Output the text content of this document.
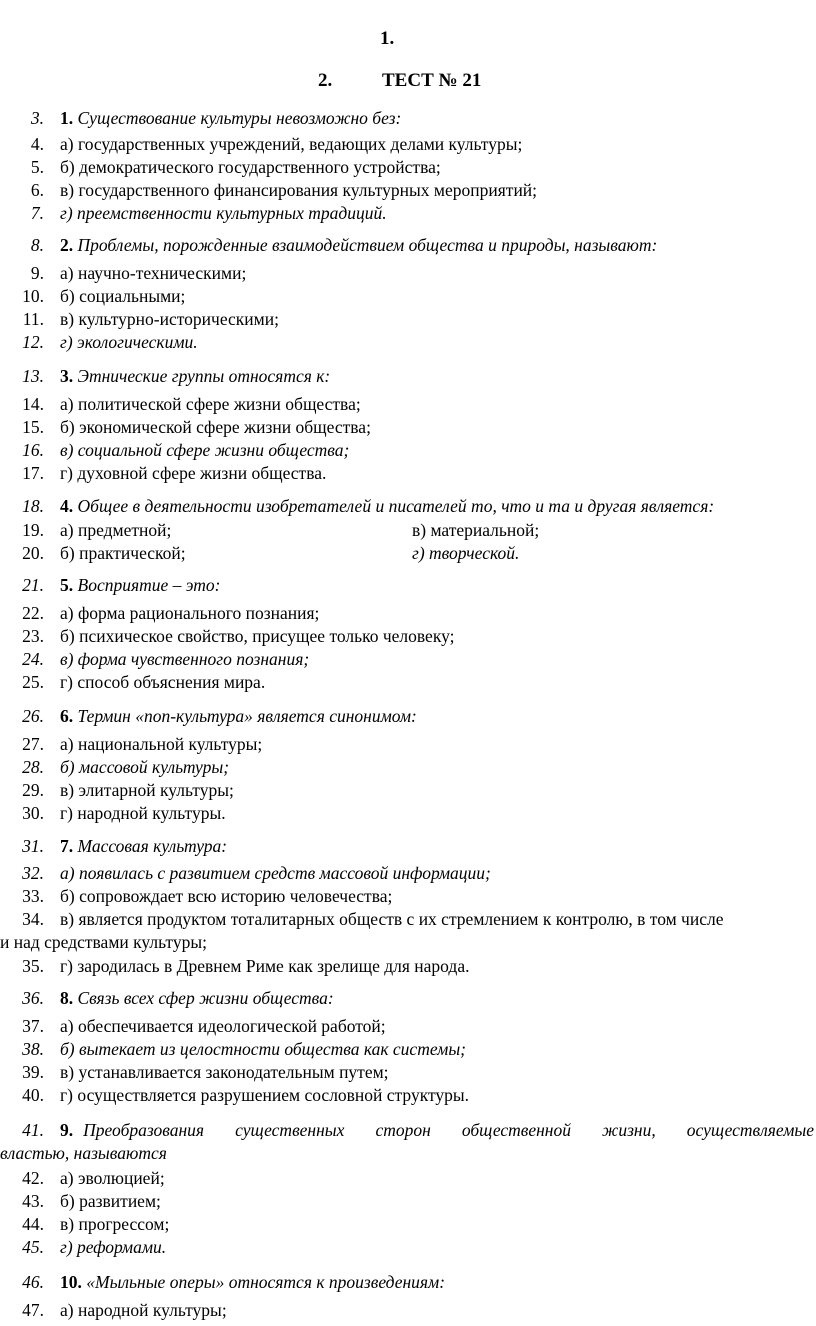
1.
2.	ТЕСТ № 21
3. 1. Существование культуры невозможно без:
4. а) государственных учреждений, ведающих делами культуры;
5. б) демократического государственного устройства;
6. в) государственного финансирования культурных мероприятий;
7. г) преемственности культурных традиций.
8. 2. Проблемы, порожденные взаимодействием общества и природы, называют:
9. а) научно-техническими;
10. б) социальными;
11. в) культурно-историческими;
12. г) экологическими.
13. 3. Этнические группы относятся к:
14. а) политической сфере жизни общества;
15. б) экономической сфере жизни общества;
16. в) социальной сфере жизни общества;
17. г) духовной сфере жизни общества.
18. 4. Общее в деятельности изобретателей и писателей то, что и та и другая является:
19. а) предметной;	в) материальной;
20. б) практической;	г) творческой.
21. 5. Восприятие – это:
22. а) форма рационального познания;
23. б) психическое свойство, присущее только человеку;
24. в) форма чувственного познания;
25. г) способ объяснения мира.
26. 6. Термин «поп-культура» является синонимом:
27. а) национальной культуры;
28. б) массовой культуры;
29. в) элитарной культуры;
30. г) народной культуры.
31. 7. Массовая культура:
32. а) появилась с развитием средств массовой информации;
33. б) сопровождает всю историю человечества;
34. в) является продуктом тоталитарных обществ с их стремлением к контролю, в том числе
и над средствами культуры;
35. г) зародилась в Древнем Риме как зрелище для народа.
36. 8. Связь всех сфер жизни общества:
37. а) обеспечивается идеологической работой;
38. б) вытекает из целостности общества как системы;
39. в) устанавливается законодательным путем;
40. г) осуществляется разрушением сословной структуры.
41. 9. Преобразования существенных сторон общественной жизни, осуществляемые
властью, называются
42. а) эволюцией;
43. б) развитием;
44. в) прогрессом;
45. г) реформами.
46. 10. «Мыльные оперы» относятся к произведениям:
47. а) народной культуры;
